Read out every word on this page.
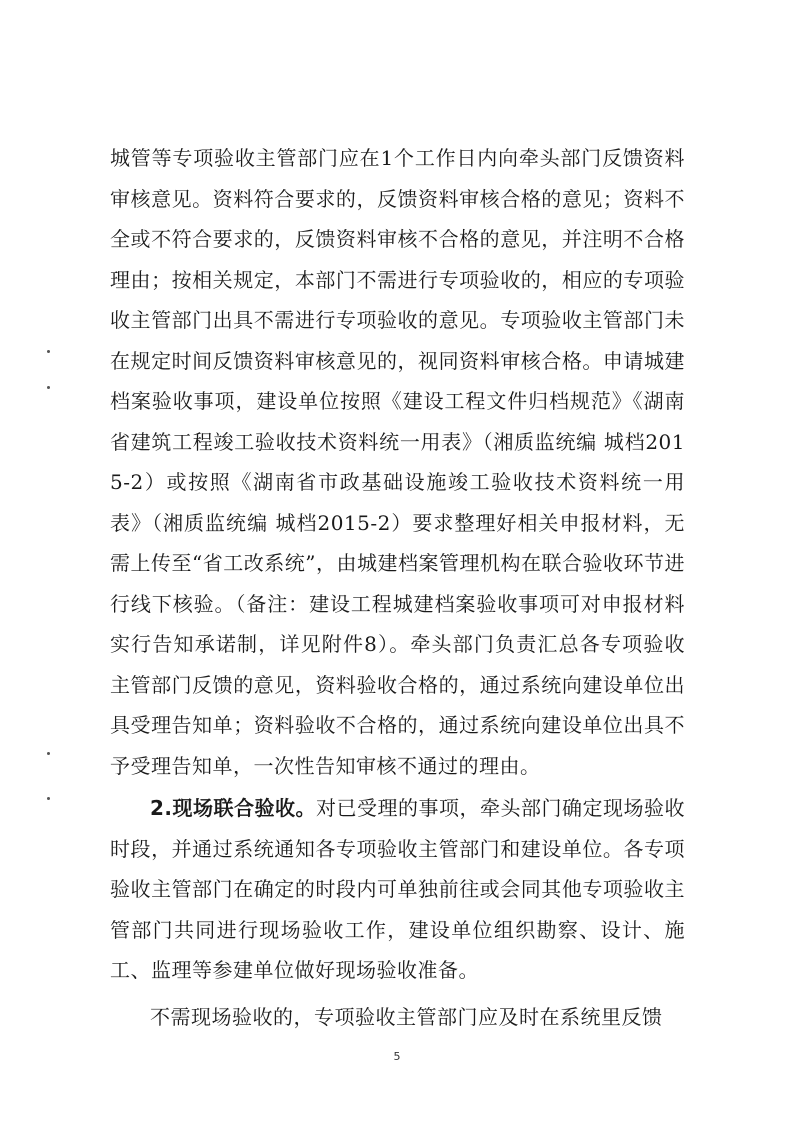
城管等专项验收主管部门应在1个工作日内向牵头部门反馈资料审核意见。资料符合要求的，反馈资料审核合格的意见；资料不全或不符合要求的，反馈资料审核不合格的意见，并注明不合格理由；按相关规定，本部门不需进行专项验收的，相应的专项验收主管部门出具不需进行专项验收的意见。专项验收主管部门未在规定时间反馈资料审核意见的，视同资料审核合格。申请城建档案验收事项，建设单位按照《建设工程文件归档规范》《湖南省建筑工程竣工验收技术资料统一用表》（湘质监统编 城档2015-2）或按照《湖南省市政基础设施竣工验收技术资料统一用表》（湘质监统编 城档2015-2）要求整理好相关申报材料，无需上传至“省工改系统”，由城建档案管理机构在联合验收环节进行线下核验。（备注：建设工程城建档案验收事项可对申报材料实行告知承诺制，详见附件8）。牵头部门负责汇总各专项验收主管部门反馈的意见，资料验收合格的，通过系统向建设单位出具受理告知单；资料验收不合格的，通过系统向建设单位出具不予受理告知单，一次性告知审核不通过的理由。

2.现场联合验收。对已受理的事项，牵头部门确定现场验收时段，并通过系统通知各专项验收主管部门和建设单位。各专项验收主管部门在确定的时段内可单独前往或会同其他专项验收主管部门共同进行现场验收工作，建设单位组织勘察、设计、施工、监理等参建单位做好现场验收准备。

不需现场验收的，专项验收主管部门应及时在系统里反馈

5
